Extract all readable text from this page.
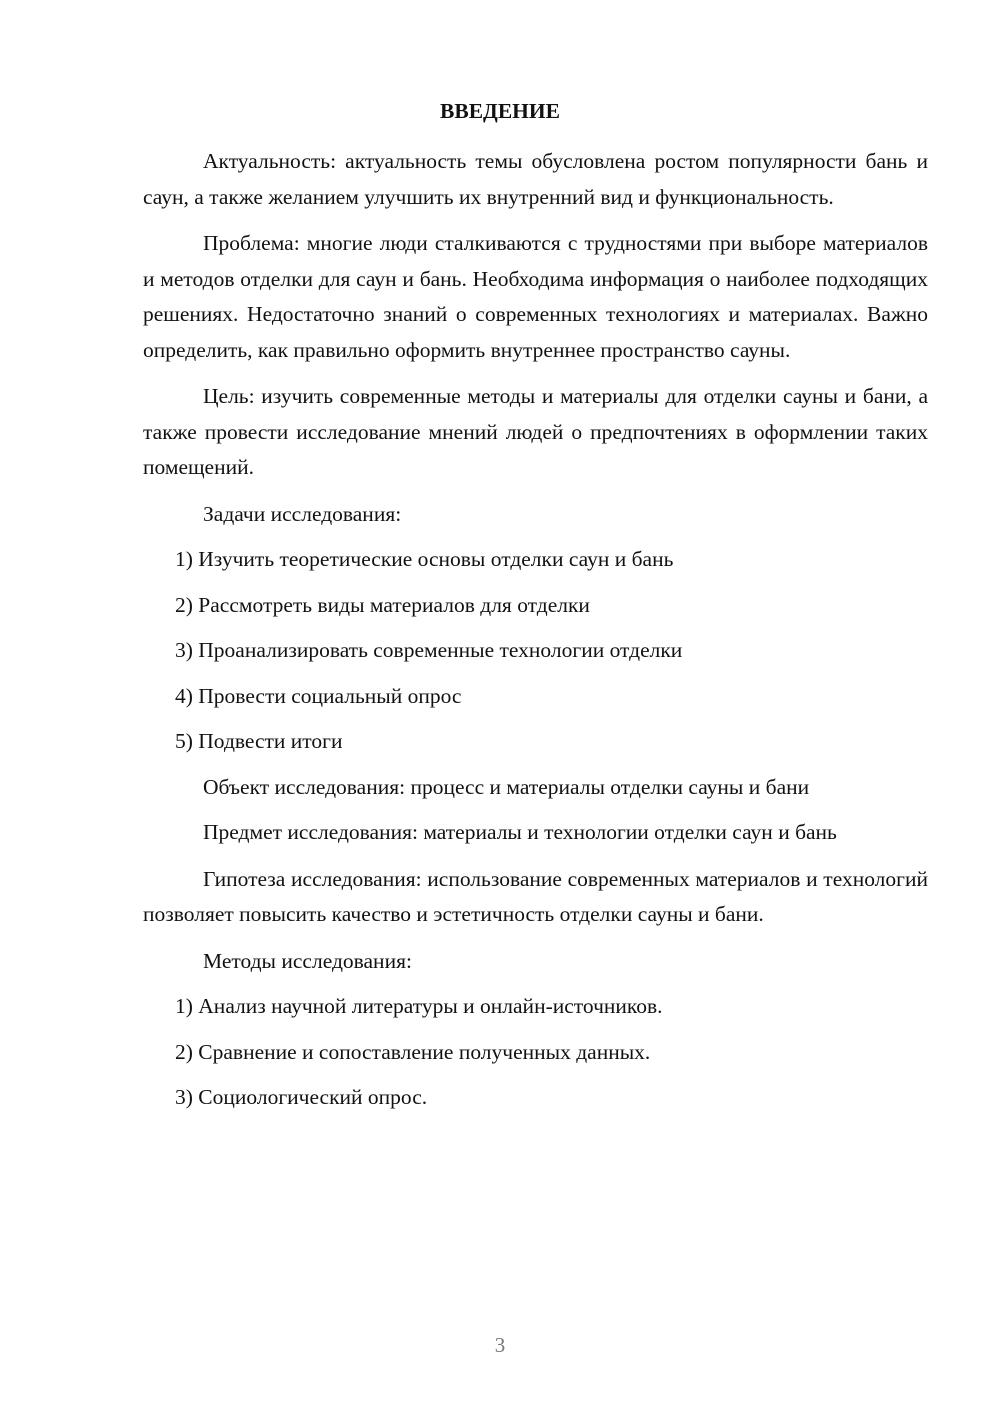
ВВЕДЕНИЕ

Актуальность: актуальность темы обусловлена ростом популярности бань и саун, а также желанием улучшить их внутренний вид и функциональность.

Проблема: многие люди сталкиваются с трудностями при выборе материалов и методов отделки для саун и бань. Необходима информация о наиболее подходящих решениях. Недостаточно знаний о современных технологиях и материалах. Важно определить, как правильно оформить внутреннее пространство сауны.

Цель: изучить современные методы и материалы для отделки сауны и бани, а также провести исследование мнений людей о предпочтениях в оформлении таких помещений.

Задачи исследования:

1) Изучить теоретические основы отделки саун и бань

2) Рассмотреть виды материалов для отделки

3) Проанализировать современные технологии отделки

4) Провести социальный опрос

5) Подвести итоги

Объект исследования: процесс и материалы отделки сауны и бани

Предмет исследования: материалы и технологии отделки саун и бань

Гипотеза исследования: использование современных материалов и технологий позволяет повысить качество и эстетичность отделки сауны и бани.

Методы исследования:

1) Анализ научной литературы и онлайн-источников.

2) Сравнение и сопоставление полученных данных.

3) Социологический опрос.

3
